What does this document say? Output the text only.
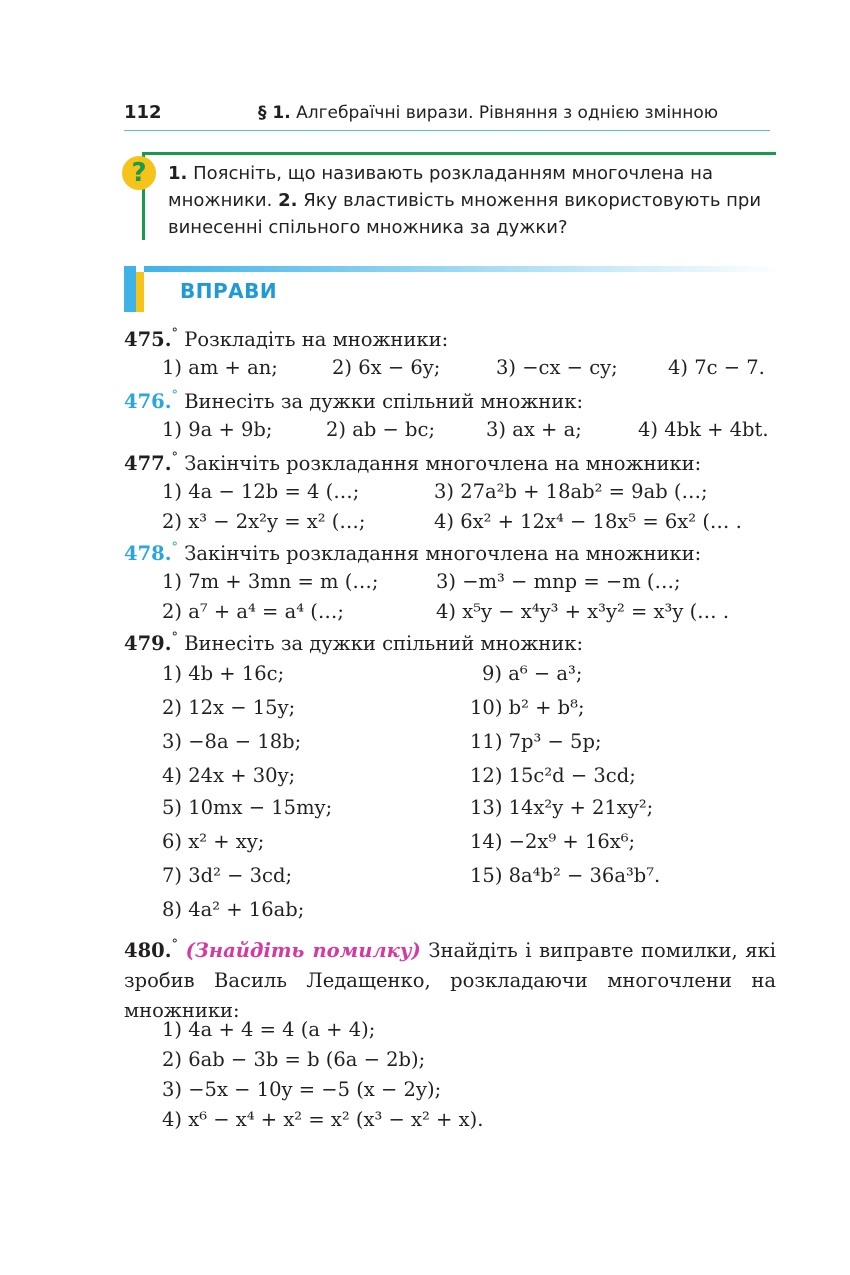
112	§ 1. Алгебраїчні вирази. Рівняння з однією змінною
?	1. Поясніть, що називають розкладанням многочлена на множники. 2. Яку властивість множення використовують при винесенні спільного множника за дужки?
ВПРАВИ
475.° Розкладіть на множники:
1) am + an;	2) 6x − 6y;	3) −cx − cy;	4) 7c − 7.
476.° Винесіть за дужки спільний множник:
1) 9a + 9b;	2) ab − bc;	3) ax + a;	4) 4bk + 4bt.
477.° Закінчіть розкладання многочлена на множники:
1) 4a − 12b = 4 (…;	3) 27a²b + 18ab² = 9ab (…;
2) x³ − 2x²y = x² (…;	4) 6x² + 12x⁴ − 18x⁵ = 6x² (… .
478.° Закінчіть розкладання многочлена на множники:
1) 7m + 3mn = m (…;	3) −m³ − mnp = −m (…;
2) a⁷ + a⁴ = a⁴ (…;	4) x⁵y − x⁴y³ + x³y² = x³y (… .
479.° Винесіть за дужки спільний множник:
1) 4b + 16c;
2) 12x − 15y;
3) −8a − 18b;
4) 24x + 30y;
5) 10mx − 15my;
6) x² + xy;
7) 3d² − 3cd;
8) 4a² + 16ab;
9) a⁶ − a³;
10) b² + b⁸;
11) 7p³ − 5p;
12) 15c²d − 3cd;
13) 14x²y + 21xy²;
14) −2x⁹ + 16x⁶;
15) 8a⁴b² − 36a³b⁷.
480.° (Знайдіть помилку) Знайдіть і виправте помилки, які зробив Василь Ледащенко, розкладаючи многочлени на множники:
1) 4a + 4 = 4 (a + 4);
2) 6ab − 3b = b (6a − 2b);
3) −5x − 10y = −5 (x − 2y);
4) x⁶ − x⁴ + x² = x² (x³ − x² + x).
